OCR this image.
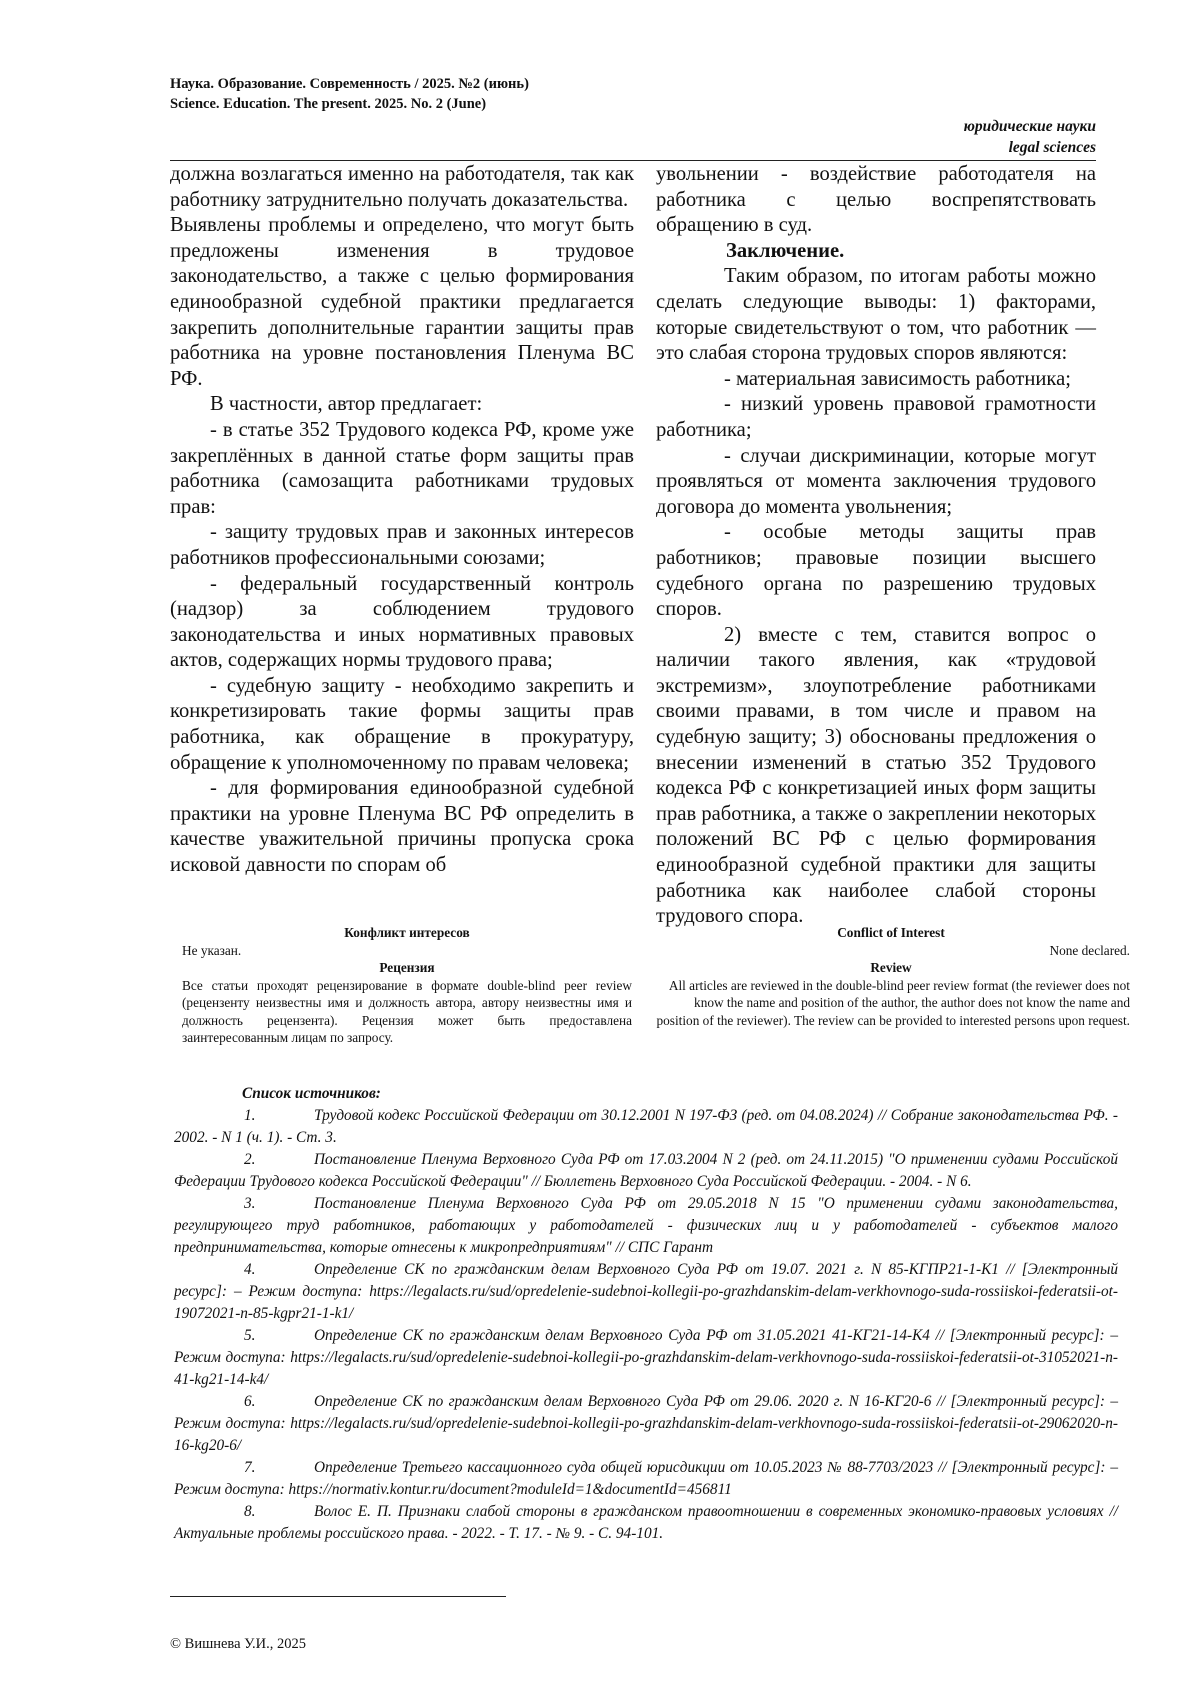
Наука. Образование. Современность / 2025. №2 (июнь)
Science. Education. The present. 2025. No. 2 (June)
юридические науки
legal sciences

должна возлагаться именно на работодателя, так как работнику затруднительно получать доказательства.

Выявлены проблемы и определено, что могут быть предложены изменения в трудовое законодательство, а также с целью формирования единообразной судебной практики предлагается закрепить дополнительные гарантии защиты прав работника на уровне постановления Пленума ВС РФ.

В частности, автор предлагает:

- в статье 352 Трудового кодекса РФ, кроме уже закреплённых в данной статье форм защиты прав работника (самозащита работниками трудовых прав:

- защиту трудовых прав и законных интересов работников профессиональными союзами;

- федеральный государственный контроль (надзор) за соблюдением трудового законодательства и иных нормативных правовых актов, содержащих нормы трудового права;

- судебную защиту - необходимо закрепить и конкретизировать такие формы защиты прав работника, как обращение в прокуратуру, обращение к уполномоченному по правам человека;

- для формирования единообразной судебной практики на уровне Пленума ВС РФ определить в качестве уважительной причины пропуска срока исковой давности по спорам об

увольнении - воздействие работодателя на работника с целью воспрепятствовать обращению в суд.

Заключение.

Таким образом, по итогам работы можно сделать следующие выводы: 1) факторами, которые свидетельствуют о том, что работник — это слабая сторона трудовых споров являются:

- материальная зависимость работника;

- низкий уровень правовой грамотности работника;

- случаи дискриминации, которые могут проявляться от момента заключения трудового договора до момента увольнения;

- особые методы защиты прав работников; правовые позиции высшего судебного органа по разрешению трудовых споров.

2) вместе с тем, ставится вопрос о наличии такого явления, как «трудовой экстремизм», злоупотребление работниками своими правами, в том числе и правом на судебную защиту; 3) обоснованы предложения о внесении изменений в статью 352 Трудового кодекса РФ с конкретизацией иных форм защиты прав работника, а также о закреплении некоторых положений ВС РФ с целью формирования единообразной судебной практики для защиты работника как наиболее слабой стороны трудового спора.

Конфликт интересов
Не указан.
Рецензия
Все статьи проходят рецензирование в формате double-blind peer review (рецензенту неизвестны имя и должность автора, автору неизвестны имя и должность рецензента). Рецензия может быть предоставлена заинтересованным лицам по запросу.
Conflict of Interest
None declared.
Review
All articles are reviewed in the double-blind peer review format (the reviewer does not know the name and position of the author, the author does not know the name and position of the reviewer). The review can be provided to interested persons upon request.
Список источников:
1.	Трудовой кодекс Российской Федерации от 30.12.2001 N 197-ФЗ (ред. от 04.08.2024) // Собрание законодательства РФ. - 2002. - N 1 (ч. 1). - Ст. 3.
2.	Постановление Пленума Верховного Суда РФ от 17.03.2004 N 2 (ред. от 24.11.2015) "О применении судами Российской Федерации Трудового кодекса Российской Федерации" // Бюллетень Верховного Суда Российской Федерации. - 2004. - N 6.
3.	Постановление Пленума Верховного Суда РФ от 29.05.2018 N 15 "О применении судами законодательства, регулирующего труд работников, работающих у работодателей - физических лиц и у работодателей - субъектов малого предпринимательства, которые отнесены к микропредприятиям" // СПС Гарант
4.	Определение СК по гражданским делам Верховного Суда РФ от 19.07. 2021 г. N 85-КГПР21-1-К1 // [Электронный ресурс]: – Режим доступа: https://legalacts.ru/sud/opredelenie-sudebnoi-kollegii-po-grazhdanskim-delam-verkhovnogo-suda-rossiiskoi-federatsii-ot-19072021-n-85-kgpr21-1-k1/
5.	Определение СК по гражданским делам Верховного Суда РФ от 31.05.2021 41-КГ21-14-К4 // [Электронный ресурс]: – Режим доступа: https://legalacts.ru/sud/opredelenie-sudebnoi-kollegii-po-grazhdanskim-delam-verkhovnogo-suda-rossiiskoi-federatsii-ot-31052021-n-41-kg21-14-k4/
6.	Определение СК по гражданским делам Верховного Суда РФ от 29.06. 2020 г. N 16-КГ20-6 // [Электронный ресурс]: – Режим доступа: https://legalacts.ru/sud/opredelenie-sudebnoi-kollegii-po-grazhdanskim-delam-verkhovnogo-suda-rossiiskoi-federatsii-ot-29062020-n-16-kg20-6/
7.	Определение Третьего кассационного суда общей юрисдикции от 10.05.2023 № 88-7703/2023 // [Электронный ресурс]: – Режим доступа: https://normativ.kontur.ru/document?moduleId=1&documentId=456811
8.	Волос Е. П. Признаки слабой стороны в гражданском правоотношении в современных экономико-правовых условиях // Актуальные проблемы российского права. - 2022. - Т. 17. - № 9. - С. 94-101.
© Вишнева У.И., 2025
